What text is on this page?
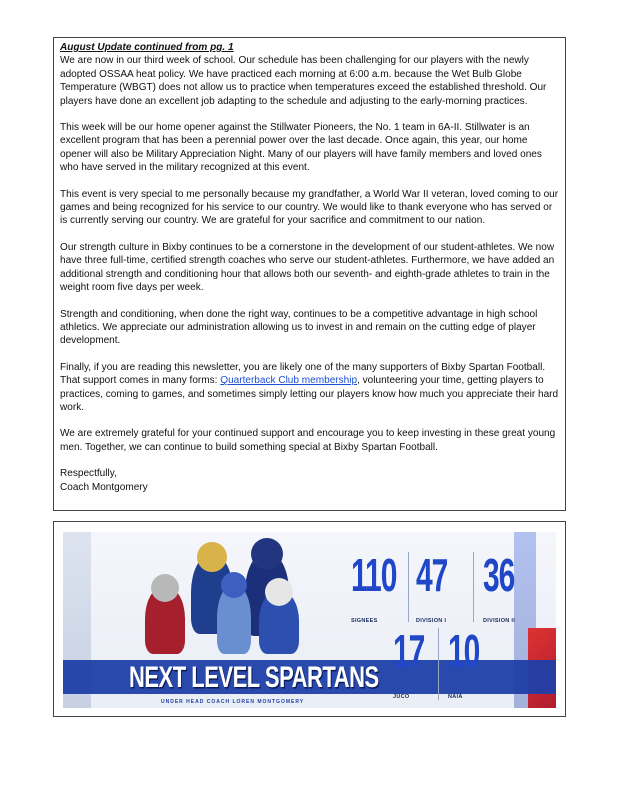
August Update continued from pg. 1
We are now in our third week of school. Our schedule has been challenging for our players with the newly adopted OSSAA heat policy. We have practiced each morning at 6:00 a.m. because the Wet Bulb Globe Temperature (WBGT) does not allow us to practice when temperatures exceed the established threshold. Our players have done an excellent job adapting to the schedule and adjusting to the early-morning practices.

This week will be our home opener against the Stillwater Pioneers, the No. 1 team in 6A-II. Stillwater is an excellent program that has been a perennial power over the last decade. Once again, this year, our home opener will also be Military Appreciation Night. Many of our players will have family members and loved ones who have served in the military recognized at this event.

This event is very special to me personally because my grandfather, a World War II veteran, loved coming to our games and being recognized for his service to our country. We would like to thank everyone who has served or is currently serving our country. We are grateful for your sacrifice and commitment to our nation.

Our strength culture in Bixby continues to be a cornerstone in the development of our student-athletes. We now have three full-time, certified strength coaches who serve our student-athletes. Furthermore, we have added an additional strength and conditioning hour that allows both our seventh- and eighth-grade athletes to train in the weight room five days per week.

Strength and conditioning, when done the right way, continues to be a competitive advantage in high school athletics. We appreciate our administration allowing us to invest in and remain on the cutting edge of player development.

Finally, if you are reading this newsletter, you are likely one of the many supporters of Bixby Spartan Football. That support comes in many forms: Quarterback Club membership, volunteering your time, getting players to practices, coming to games, and sometimes simply letting our players know how much you appreciate their hard work.

We are extremely grateful for your continued support and encourage you to keep investing in these great young men. Together, we can continue to build something special at Bixby Spartan Football.

Respectfully,

Coach Montgomery

NEXT LEVEL SPARTANS
UNDER HEAD COACH LOREN MONTGOMERY
110
SIGNEES
47
DIVISION I
36
DIVISION II
17
JUCO
10
NAIA
